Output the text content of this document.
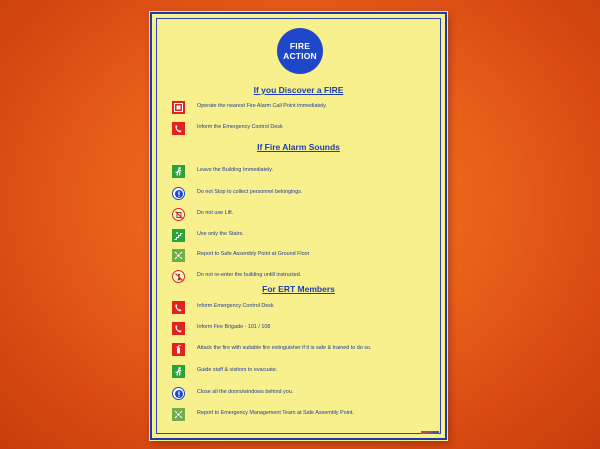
FIRE
ACTION
If you Discover a FIRE
Operate the nearest Fire Alarm Call Point immediately.
Inform the Emergency Control Desk
If Fire Alarm Sounds
Leave the Building Immediately.
Do not Stop to collect personnel belongings.
Do not use Lift.
Use only the Stairs.
Report to Safe Assembly Point at Ground Floor
Do not re-enter the building untill instructed.
For ERT Members
Inform Emergency Control Desk
Inform Fire Brigade - 101 / 108
Attack the fire with suitable fire extinguisher if it is safe & trained to do so.
Guide staff & visitors to evacuate.
Close all the doors/windows behind you.
Report to Emergency Management Team at Safe Assembly Point.
